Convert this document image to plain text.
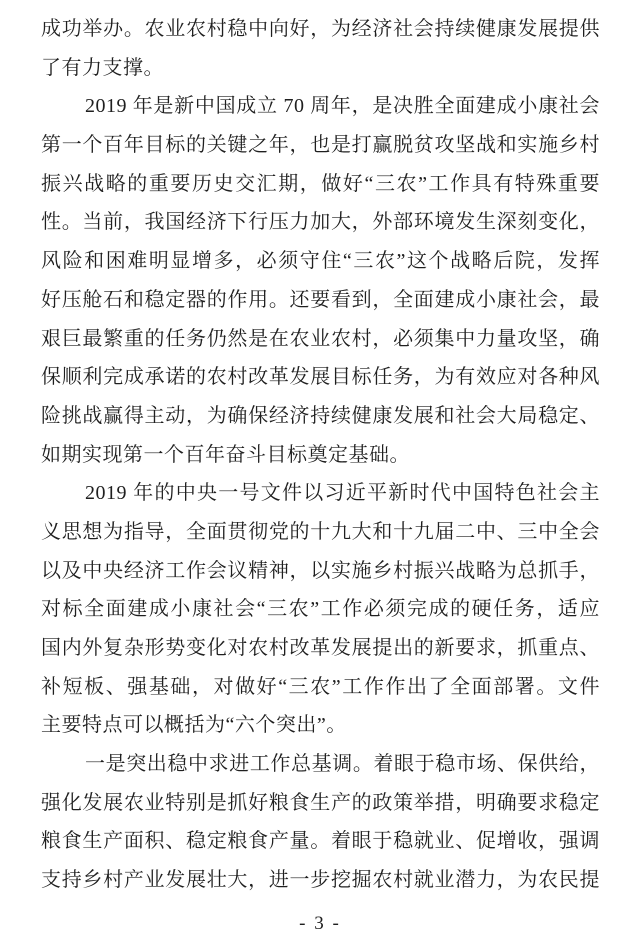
成功举办。农业农村稳中向好，为经济社会持续健康发展提供
了有力支撑。
2019 年是新中国成立 70 周年，是决胜全面建成小康社会
第一个百年目标的关键之年，也是打赢脱贫攻坚战和实施乡村
振兴战略的重要历史交汇期，做好“三农”工作具有特殊重要
性。当前，我国经济下行压力加大，外部环境发生深刻变化，
风险和困难明显增多，必须守住“三农”这个战略后院，发挥
好压舱石和稳定器的作用。还要看到，全面建成小康社会，最
艰巨最繁重的任务仍然是在农业农村，必须集中力量攻坚，确
保顺利完成承诺的农村改革发展目标任务，为有效应对各种风
险挑战赢得主动，为确保经济持续健康发展和社会大局稳定、
如期实现第一个百年奋斗目标奠定基础。
2019 年的中央一号文件以习近平新时代中国特色社会主
义思想为指导，全面贯彻党的十九大和十九届二中、三中全会
以及中央经济工作会议精神，以实施乡村振兴战略为总抓手，
对标全面建成小康社会“三农”工作必须完成的硬任务，适应
国内外复杂形势变化对农村改革发展提出的新要求，抓重点、
补短板、强基础，对做好“三农”工作作出了全面部署。文件
主要特点可以概括为“六个突出”。
一是突出稳中求进工作总基调。着眼于稳市场、保供给，
强化发展农业特别是抓好粮食生产的政策举措，明确要求稳定
粮食生产面积、稳定粮食产量。着眼于稳就业、促增收，强调
支持乡村产业发展壮大，进一步挖掘农村就业潜力，为农民提
- 3 -
